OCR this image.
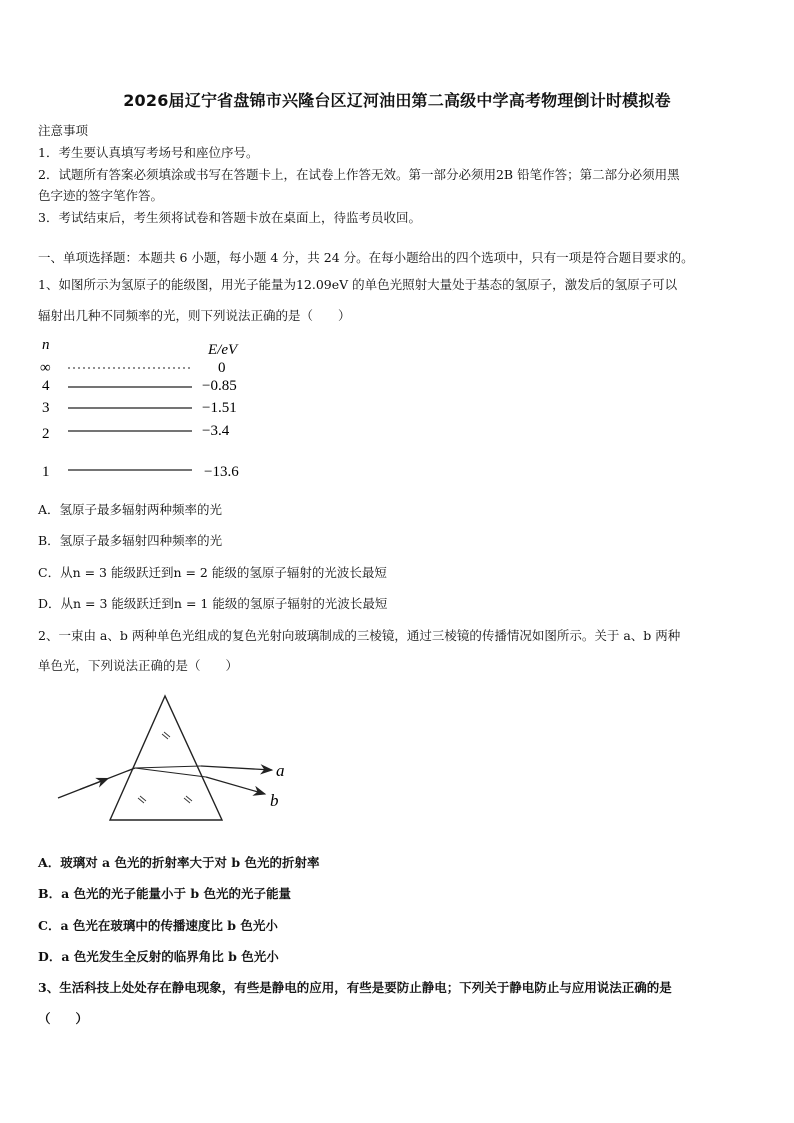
2026届辽宁省盘锦市兴隆台区辽河油田第二高级中学高考物理倒计时模拟卷
注意事项
1．考生要认真填写考场号和座位序号。
2．试题所有答案必须填涂或书写在答题卡上，在试卷上作答无效。第一部分必须用2B 铅笔作答；第二部分必须用黑
色字迹的签字笔作答。
3．考试结束后，考生须将试卷和答题卡放在桌面上，待监考员收回。
一、单项选择题：本题共 6 小题，每小题 4 分，共 24 分。在每小题给出的四个选项中，只有一项是符合题目要求的。
1、如图所示为氢原子的能级图，用光子能量为12.09eV 的单色光照射大量处于基态的氢原子，激发后的氢原子可以
辐射出几种不同频率的光，则下列说法正确的是（　　）
n	E/eV
∞	0
4	−0.85
3	−1.51
2	−3.4
1	−13.6
A．氢原子最多辐射两种频率的光
B．氢原子最多辐射四种频率的光
C．从n = 3 能级跃迁到n = 2 能级的氢原子辐射的光波长最短
D．从n = 3 能级跃迁到n = 1 能级的氢原子辐射的光波长最短
2、一束由 a、b 两种单色光组成的复色光射向玻璃制成的三棱镜，通过三棱镜的传播情况如图所示。关于 a、b 两种
单色光，下列说法正确的是（　　）
a
b
A．玻璃对 a 色光的折射率大于对 b 色光的折射率
B．a 色光的光子能量小于 b 色光的光子能量
C．a 色光在玻璃中的传播速度比 b 色光小
D．a 色光发生全反射的临界角比 b 色光小
3、生活科技上处处存在静电现象，有些是静电的应用，有些是要防止静电；下列关于静电防止与应用说法正确的是
（　　）
